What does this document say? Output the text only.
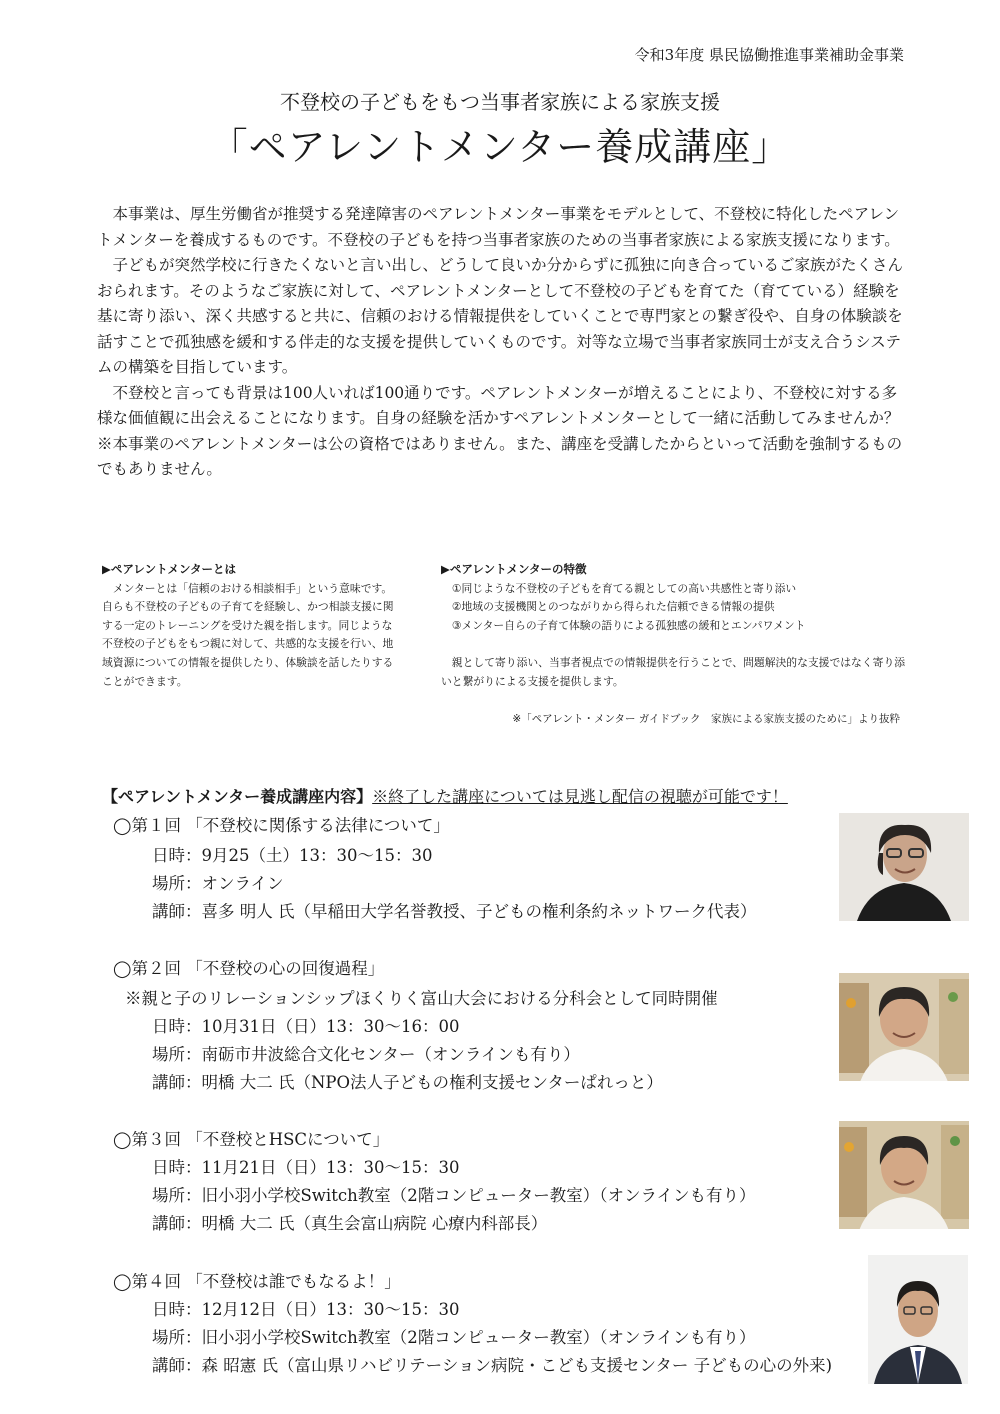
令和3年度 県民協働推進事業補助金事業
不登校の子どもをもつ当事者家族による家族支援
「ペアレントメンター養成講座」

　本事業は、厚生労働省が推奨する発達障害のペアレントメンター事業をモデルとして、不登校に特化したペアレントメンターを養成するものです。不登校の子どもを持つ当事者家族のための当事者家族による家族支援になります。

　子どもが突然学校に行きたくないと言い出し、どうして良いか分からずに孤独に向き合っているご家族がたくさんおられます。そのようなご家族に対して、ペアレントメンターとして不登校の子どもを育てた（育てている）経験を基に寄り添い、深く共感すると共に、信頼のおける情報提供をしていくことで専門家との繋ぎ役や、自身の体験談を話すことで孤独感を緩和する伴走的な支援を提供していくものです。対等な立場で当事者家族同士が支え合うシステムの構築を目指しています。

　不登校と言っても背景は100人いれば100通りです。ペアレントメンターが増えることにより、不登校に対する多様な価値観に出会えることになります。自身の経験を活かすペアレントメンターとして一緒に活動してみませんか？

※本事業のペアレントメンターは公の資格ではありません。また、講座を受講したからといって活動を強制するものでもありません。

▶ペアレントメンターとは

　メンターとは「信頼のおける相談相手」という意味です。自らも不登校の子どもの子育てを経験し、かつ相談支援に関する一定のトレーニングを受けた親を指します。同じような不登校の子どもをもつ親に対して、共感的な支援を行い、地域資源についての情報を提供したり、体験談を話したりすることができます。

▶ペアレントメンターの特徴

　①同じような不登校の子どもを育てる親としての高い共感性と寄り添い

　②地域の支援機関とのつながりから得られた信頼できる情報の提供

　③メンター自らの子育て体験の語りによる孤独感の緩和とエンパワメント

　親として寄り添い、当事者視点での情報提供を行うことで、問題解決的な支援ではなく寄り添いと繋がりによる支援を提供します。

※「ペアレント・メンター ガイドブック　家族による家族支援のために」より抜粋
【ペアレントメンター養成講座内容】※終了した講座については見逃し配信の視聴が可能です！
◯第１回 「不登校に関係する法律について」
日時：9月25（土）13：30〜15：30
場所：オンライン
講師：喜多 明人 氏（早稲田大学名誉教授、子どもの権利条約ネットワーク代表）
◯第２回 「不登校の心の回復過程」
※親と子のリレーションシップほくりく富山大会における分科会として同時開催
日時：10月31日（日）13：30〜16：00
場所：南砺市井波総合文化センター（オンラインも有り）
講師：明橋 大二 氏（NPO法人子どもの権利支援センターぱれっと）
◯第３回 「不登校とHSCについて」
日時：11月21日（日）13：30〜15：30
場所：旧小羽小学校Switch教室（2階コンピューター教室）（オンラインも有り）
講師：明橋 大二 氏（真生会富山病院 心療内科部長）
◯第４回 「不登校は誰でもなるよ！」
日時：12月12日（日）13：30〜15：30
場所：旧小羽小学校Switch教室（2階コンピューター教室）（オンラインも有り）
講師：森 昭憲 氏（富山県リハビリテーション病院・こども支援センター 子どもの心の外来)
